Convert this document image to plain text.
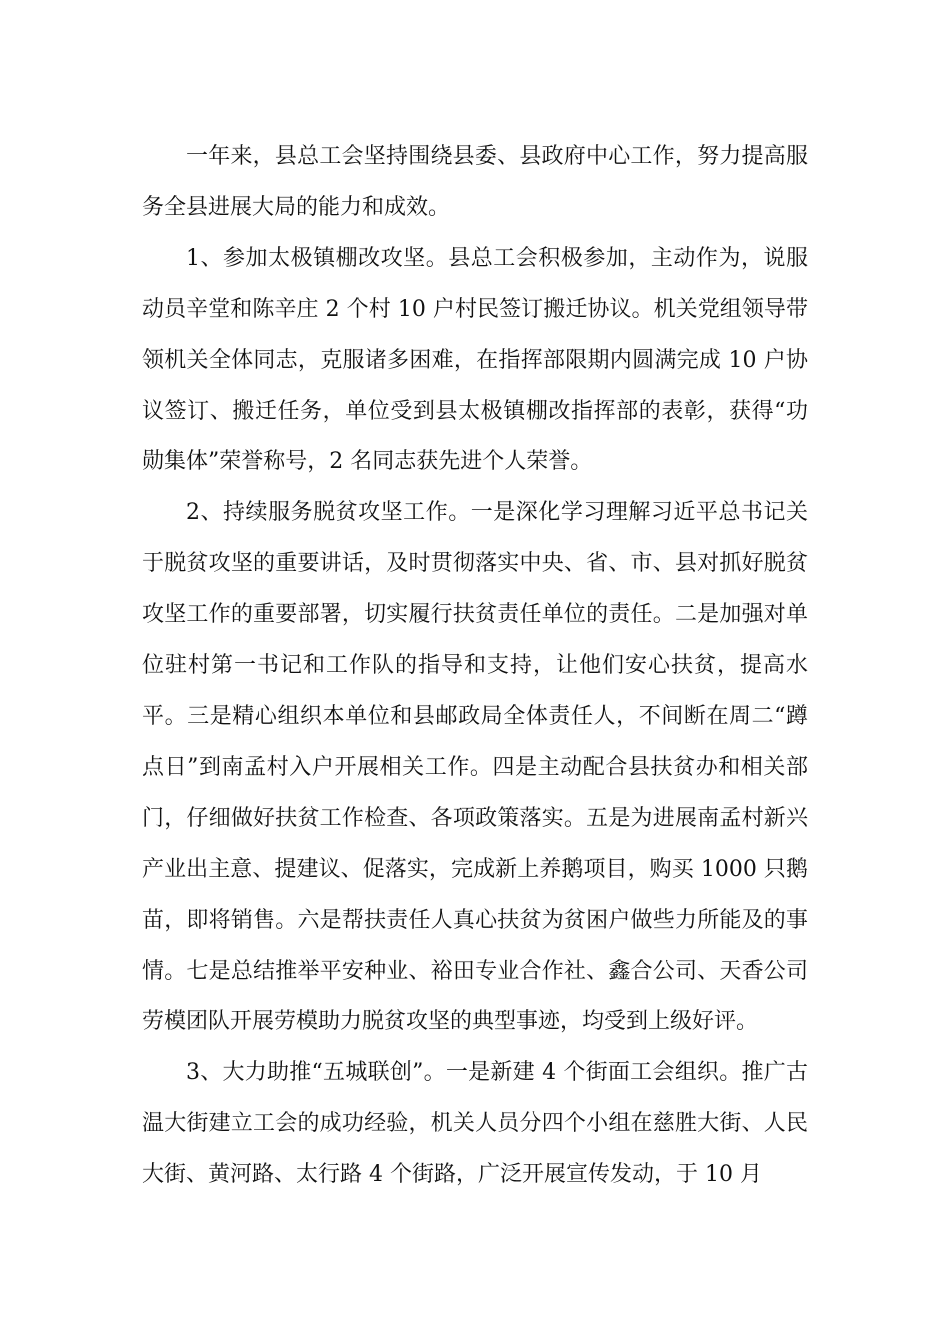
一年来，县总工会坚持围绕县委、县政府中心工作，努力提高服务全县进展大局的能力和成效。

1、参加太极镇棚改攻坚。县总工会积极参加，主动作为，说服动员辛堂和陈辛庄 2 个村 10 户村民签订搬迁协议。机关党组领导带领机关全体同志，克服诸多困难，在指挥部限期内圆满完成 10 户协议签订、搬迁任务，单位受到县太极镇棚改指挥部的表彰，获得“功勋集体”荣誉称号，2 名同志获先进个人荣誉。

2、持续服务脱贫攻坚工作。一是深化学习理解习近平总书记关于脱贫攻坚的重要讲话，及时贯彻落实中央、省、市、县对抓好脱贫攻坚工作的重要部署，切实履行扶贫责任单位的责任。二是加强对单位驻村第一书记和工作队的指导和支持，让他们安心扶贫，提高水平。三是精心组织本单位和县邮政局全体责任人，不间断在周二“蹲点日”到南孟村入户开展相关工作。四是主动配合县扶贫办和相关部门，仔细做好扶贫工作检查、各项政策落实。五是为进展南孟村新兴产业出主意、提建议、促落实，完成新上养鹅项目，购买 1000 只鹅苗，即将销售。六是帮扶责任人真心扶贫为贫困户做些力所能及的事情。七是总结推举平安种业、裕田专业合作社、鑫合公司、天香公司劳模团队开展劳模助力脱贫攻坚的典型事迹，均受到上级好评。

3、大力助推“五城联创”。一是新建 4 个街面工会组织。推广古温大街建立工会的成功经验，机关人员分四个小组在慈胜大街、人民大街、黄河路、太行路 4 个街路，广泛开展宣传发动，于 10 月
